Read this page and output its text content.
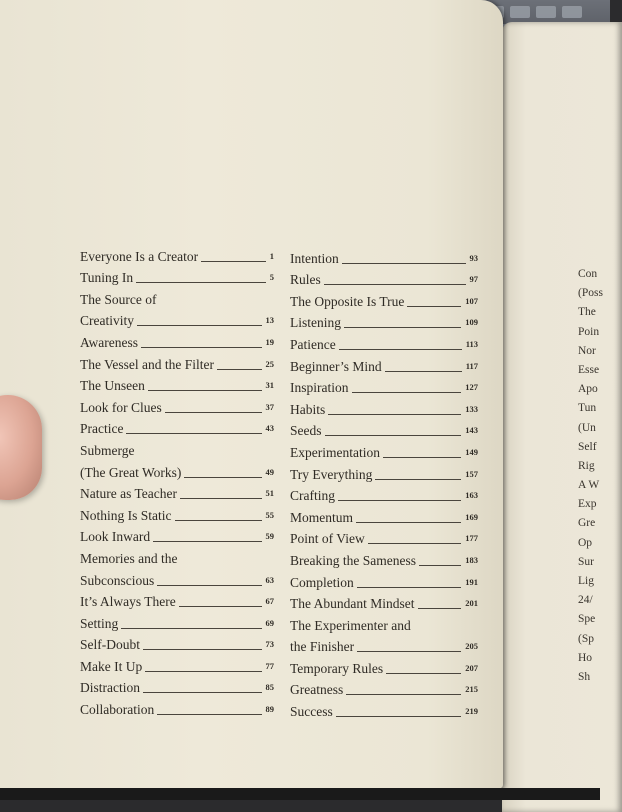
Con
(Poss
The
Poin
Nor
Esse
Apo
Tun
(Un
Self
Rig
A W
Exp
Gre
Op
Sur
Lig
24/
Spe
(Sp
Ho
Sh
Everyone Is a Creator	1
Tuning In	5
The Source of
Creativity	13
Awareness	19
The Vessel and the Filter	25
The Unseen	31
Look for Clues	37
Practice	43
Submerge
(The Great Works)	49
Nature as Teacher	51
Nothing Is Static	55
Look Inward	59
Memories and the
Subconscious	63
It’s Always There	67
Setting	69
Self-Doubt	73
Make It Up	77
Distraction	85
Collaboration	89
Intention	93
Rules	97
The Opposite Is True	107
Listening	109
Patience	113
Beginner’s Mind	117
Inspiration	127
Habits	133
Seeds	143
Experimentation	149
Try Everything	157
Crafting	163
Momentum	169
Point of View	177
Breaking the Sameness	183
Completion	191
The Abundant Mindset	201
The Experimenter and
the Finisher	205
Temporary Rules	207
Greatness	215
Success	219
